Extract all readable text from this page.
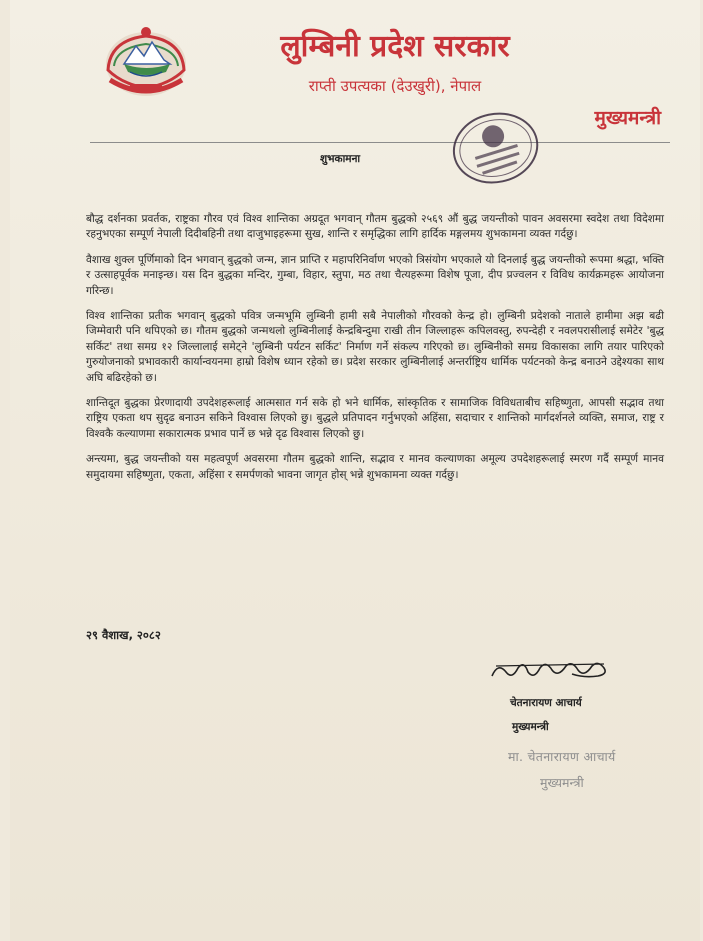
लुम्बिनी प्रदेश सरकार
राप्ती उपत्यका (देउखुरी), नेपाल
मुख्यमन्त्री
शुभकामना

बौद्ध दर्शनका प्रवर्तक, राष्ट्रका गौरव एवं विश्व शान्तिका अग्रदूत भगवान् गौतम बुद्धको २५६९ औं बुद्ध जयन्तीको पावन अवसरमा स्वदेश तथा विदेशमा रहनुभएका सम्पूर्ण नेपाली दिदीबहिनी तथा दाजुभाइहरूमा सुख, शान्ति र समृद्धिका लागि हार्दिक मङ्गलमय शुभकामना व्यक्त गर्दछु।

वैशाख शुक्ल पूर्णिमाको दिन भगवान् बुद्धको जन्म, ज्ञान प्राप्ति र महापरिनिर्वाण भएको त्रिसंयोग भएकाले यो दिनलाई बुद्ध जयन्तीको रूपमा श्रद्धा, भक्ति र उत्साहपूर्वक मनाइन्छ। यस दिन बुद्धका मन्दिर, गुम्बा, विहार, स्तुपा, मठ तथा चैत्यहरूमा विशेष पूजा, दीप प्रज्वलन र विविध कार्यक्रमहरू आयोजना गरिन्छ।

विश्व शान्तिका प्रतीक भगवान् बुद्धको पवित्र जन्मभूमि लुम्बिनी हामी सबै नेपालीको गौरवको केन्द्र हो। लुम्बिनी प्रदेशको नाताले हामीमा अझ बढी जिम्मेवारी पनि थपिएको छ। गौतम बुद्धको जन्मथलो लुम्बिनीलाई केन्द्रबिन्दुमा राखी तीन जिल्लाहरू कपिलवस्तु, रुपन्देही र नवलपरासीलाई समेटेर 'बुद्ध सर्किट' तथा समग्र १२ जिल्लालाई समेट्ने 'लुम्बिनी पर्यटन सर्किट' निर्माण गर्ने संकल्प गरिएको छ। लुम्बिनीको समग्र विकासका लागि तयार पारिएको गुरुयोजनाको प्रभावकारी कार्यान्वयनमा हाम्रो विशेष ध्यान रहेको छ। प्रदेश सरकार लुम्बिनीलाई अन्तर्राष्ट्रिय धार्मिक पर्यटनको केन्द्र बनाउने उद्देश्यका साथ अघि बढिरहेको छ।

शान्तिदूत बुद्धका प्रेरणादायी उपदेशहरूलाई आत्मसात गर्न सके हो भने धार्मिक, सांस्कृतिक र सामाजिक विविधताबीच सहिष्णुता, आपसी सद्भाव तथा राष्ट्रिय एकता थप सुदृढ बनाउन सकिने विश्वास लिएको छु। बुद्धले प्रतिपादन गर्नुभएको अहिंसा, सदाचार र शान्तिको मार्गदर्शनले व्यक्ति, समाज, राष्ट्र र विश्वकै कल्याणमा सकारात्मक प्रभाव पार्ने छ भन्ने दृढ विश्वास लिएको छु।

अन्त्यमा, बुद्ध जयन्तीको यस महत्वपूर्ण अवसरमा गौतम बुद्धको शान्ति, सद्भाव र मानव कल्याणका अमूल्य उपदेशहरूलाई स्मरण गर्दै सम्पूर्ण मानव समुदायमा सहिष्णुता, एकता, अहिंसा र समर्पणको भावना जागृत होस् भन्ने शुभकामना व्यक्त गर्दछु।

२९ वैशाख, २०८२
चेतनारायण आचार्य
मुख्यमन्त्री
मा. चेतनारायण आचार्य
मुख्यमन्त्री
